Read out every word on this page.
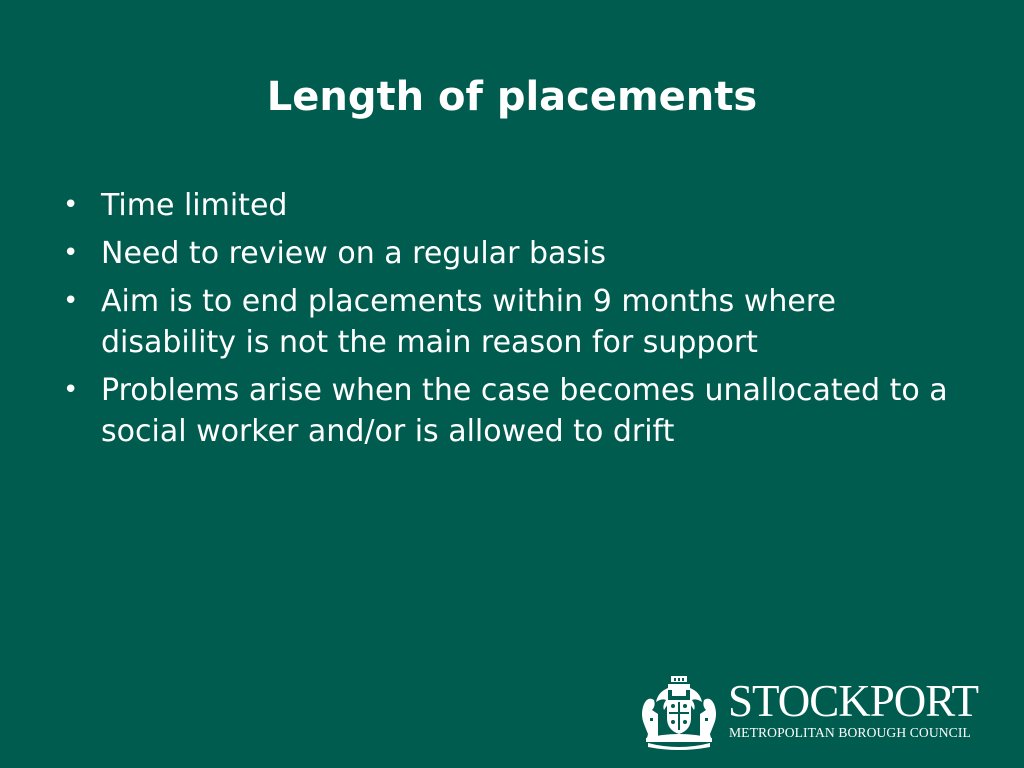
Length of placements
• Time limited
• Need to review on a regular basis
• Aim is to end placements within 9 months where disability is not the main reason for support
• Problems arise when the case becomes unallocated to a social worker and/or is allowed to drift
STOCKPORT
METROPOLITAN BOROUGH COUNCIL
